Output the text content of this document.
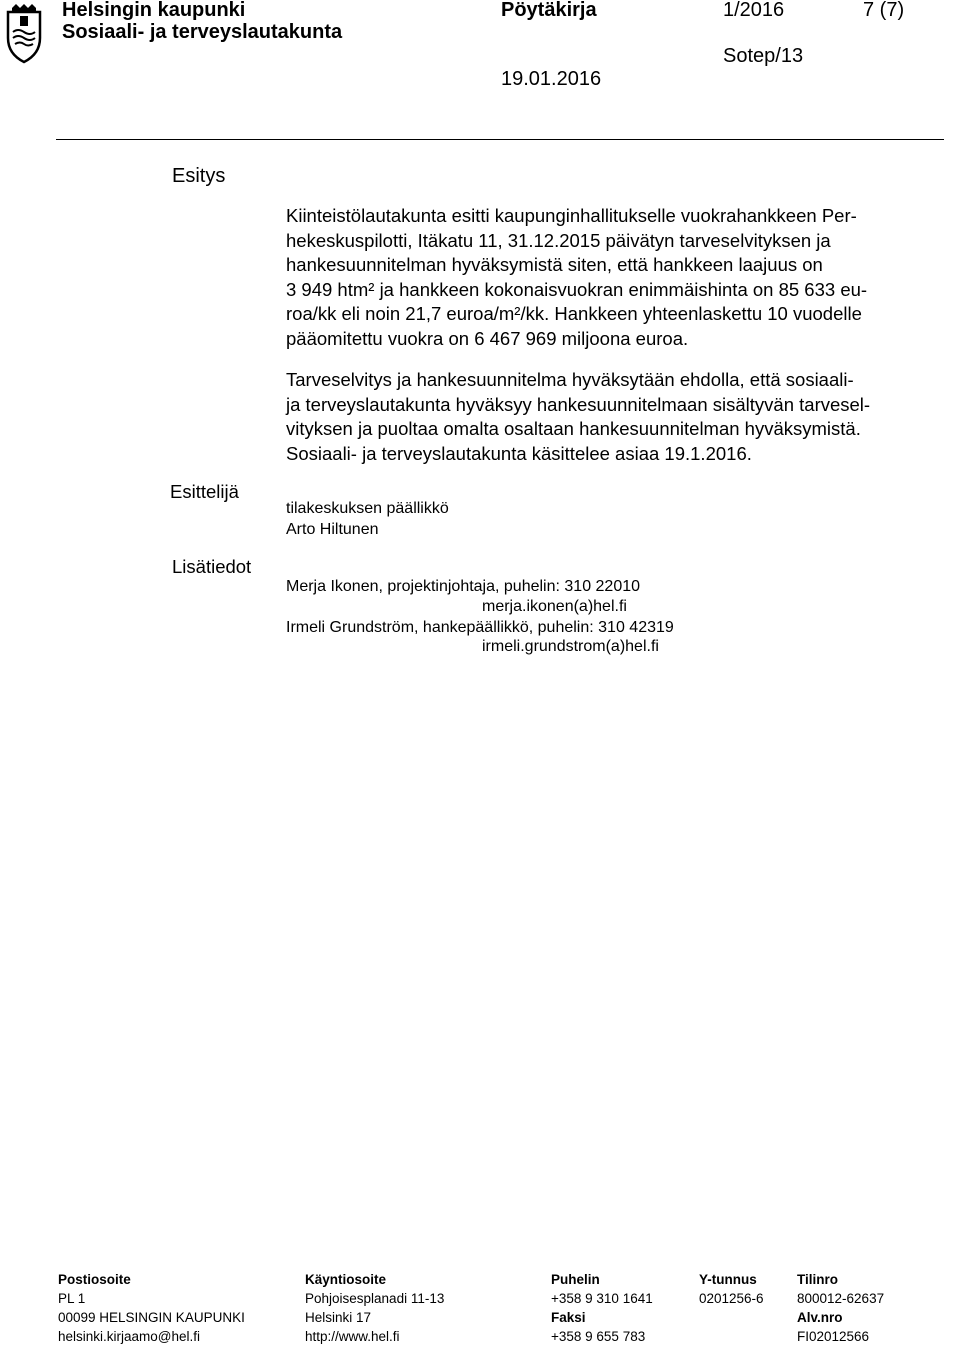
Helsingin kaupunki
Sosiaali- ja terveyslautakunta
Pöytäkirja	1/2016	7 (7)
Sotep/13
19.01.2016
Esitys
Kiinteistölautakunta esitti kaupunginhallitukselle vuokrahankkeen Per-
hekeskuspilotti, Itäkatu 11, 31.12.2015 päivätyn tarveselvityksen ja
hankesuunnitelman hyväksymistä siten, että hankkeen laajuus on
3 949 htm² ja hankkeen kokonaisvuokran enimmäishinta on 85 633 eu-
roa/kk eli noin 21,7 euroa/m²/kk. Hankkeen yhteenlaskettu 10 vuodelle
pääomitettu vuokra on 6 467 969 miljoona euroa.
Tarveselvitys ja hankesuunnitelma hyväksytään ehdolla, että sosiaali-
ja terveyslautakunta hyväksyy hankesuunnitelmaan sisältyvän tarvesel-
vityksen ja puoltaa omalta osaltaan hankesuunnitelman hyväksymistä.
Sosiaali- ja terveyslautakunta käsittelee asiaa 19.1.2016.
Esittelijä
tilakeskuksen päällikkö
Arto Hiltunen
Lisätiedot
Merja Ikonen, projektinjohtaja, puhelin: 310 22010
merja.ikonen(a)hel.fi
Irmeli Grundström, hankepäällikkö, puhelin: 310 42319
irmeli.grundstrom(a)hel.fi
Postiosoite
PL 1
00099 HELSINGIN KAUPUNKI
helsinki.kirjaamo@hel.fi
Käyntiosoite
Pohjoisesplanadi 11-13
Helsinki 17
http://www.hel.fi
Puhelin
+358 9 310 1641
Faksi
+358 9 655 783
Y-tunnus
0201256-6
Tilinro
800012-62637
Alv.nro
FI02012566
